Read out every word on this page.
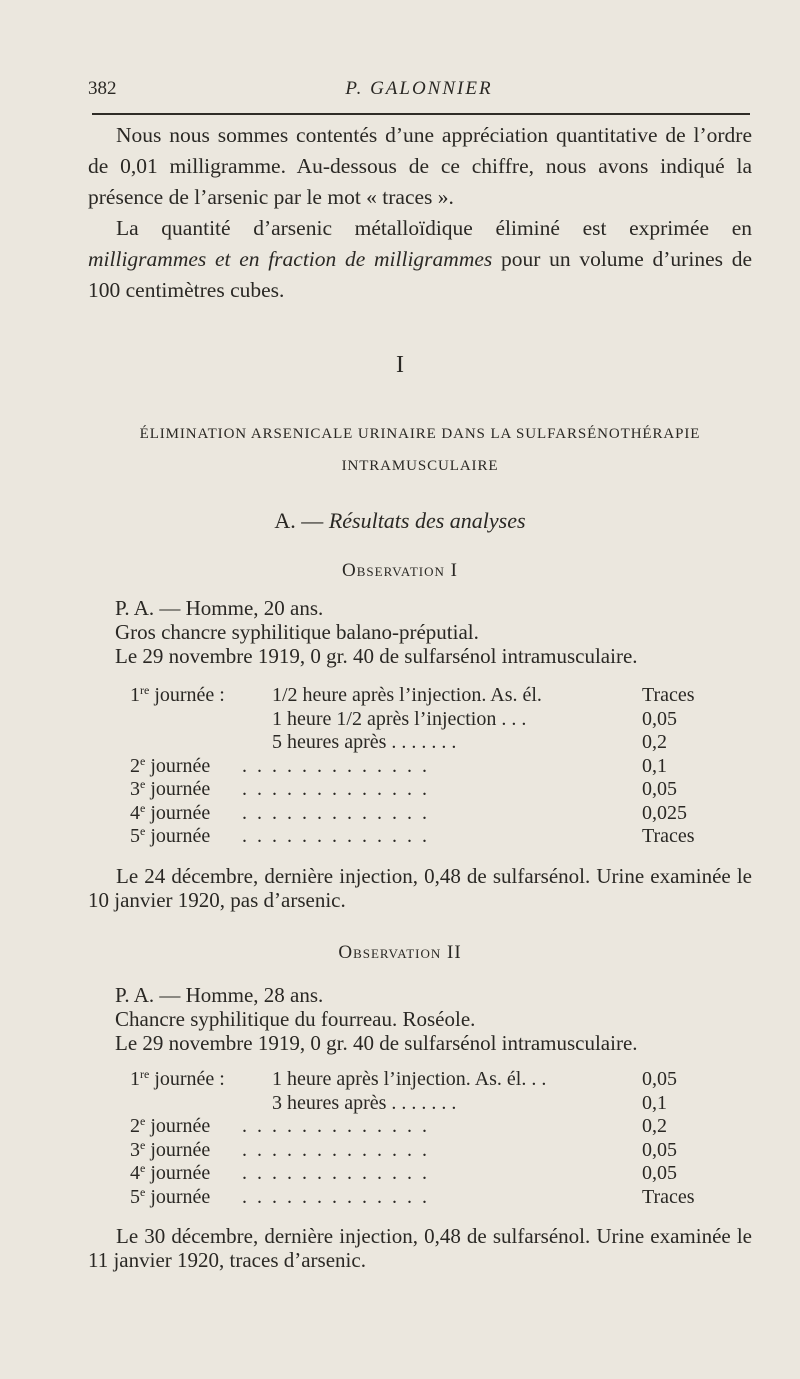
382	P. GALONNIER

Nous nous sommes contentés d’une appréciation quantitative de l’ordre de 0,01 milligramme. Au-dessous de ce chiffre, nous avons indiqué la présence de l’arsenic par le mot « traces ».

La quantité d’arsenic métalloïdique éliminé est exprimée en milligrammes et en fraction de milligrammes pour un volume d’urines de 100 centimètres cubes.

I
ÉLIMINATION ARSENICALE URINAIRE DANS LA SULFARSÉNOTHÉRAPIE
INTRAMUSCULAIRE
A. — Résultats des analyses
Observation I
P. A. — Homme, 20 ans.
Gros chancre syphilitique balano-préputial.
Le 29 novembre 1919, 0 gr. 40 de sulfarsénol intramusculaire.
1re journée : 1/2 heure après l’injection. As. él.	Traces
1 heure 1/2 après l’injection . . .	0,05
5 heures après . . . . . . .	0,2
2e journée . . . . . . . . . . . . .	0,1
3e journée . . . . . . . . . . . . .	0,05
4e journée . . . . . . . . . . . . .	0,025
5e journée . . . . . . . . . . . . .	Traces

Le 24 décembre, dernière injection, 0,48 de sulfarsénol. Urine examinée le 10 janvier 1920, pas d’arsenic.

Observation II
P. A. — Homme, 28 ans.
Chancre syphilitique du fourreau. Roséole.
Le 29 novembre 1919, 0 gr. 40 de sulfarsénol intramusculaire.
1re journée : 1 heure après l’injection. As. él. . .	0,05
3 heures après . . . . . . .	0,1
2e journée . . . . . . . . . . . . .	0,2
3e journée . . . . . . . . . . . . .	0,05
4e journée . . . . . . . . . . . . .	0,05
5e journée . . . . . . . . . . . . .	Traces

Le 30 décembre, dernière injection, 0,48 de sulfarsénol. Urine examinée le 11 janvier 1920, traces d’arsenic.
